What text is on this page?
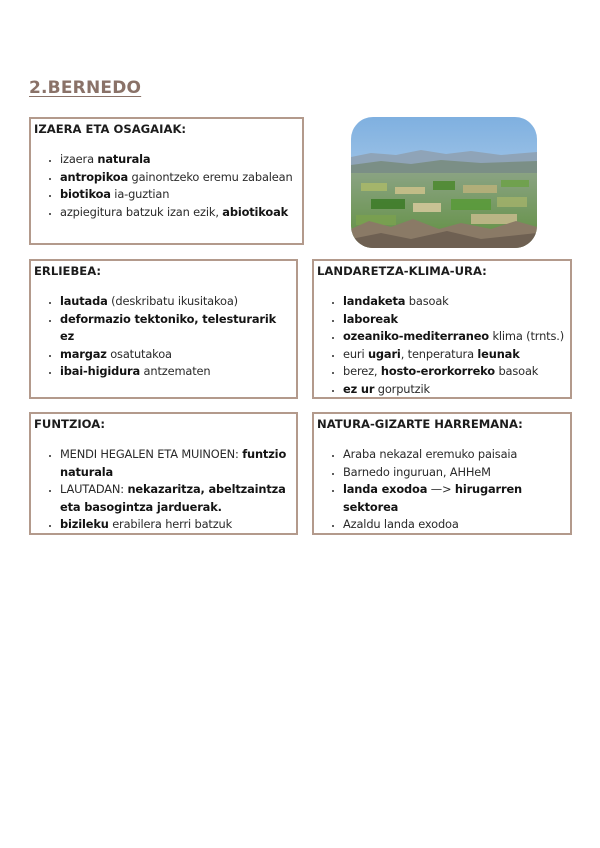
2.BERNEDO
IZAERA ETA OSAGAIAK:
• izaera naturala
• antropikoa gainontzeko eremu zabalean
• biotikoa ia-guztian
• azpiegitura batzuk izan ezik, abiotikoak
ERLIEBEA:
• lautada (deskribatu ikusitakoa)
• deformazio tektoniko, telesturarik ez
• margaz osatutakoa
• ibai-higidura antzematen
LANDARETZA-KLIMA-URA:
• landaketa basoak
• laboreak
• ozeaniko-mediterraneo klima (trnts.)
• euri ugari, tenperatura leunak
• berez, hosto-erorkorreko basoak
• ez ur gorputzik
FUNTZIOA:
• MENDI HEGALEN ETA MUINOEN: funtzio naturala
• LAUTADAN: nekazaritza, abeltzaintza eta basogintza jarduerak.
• bizileku erabilera herri batzuk
NATURA-GIZARTE HARREMANA:
• Araba nekazal eremuko paisaia
• Barnedo inguruan, AHHeM
• landa exodoa —> hirugarren sektorea
• Azaldu landa exodoa
